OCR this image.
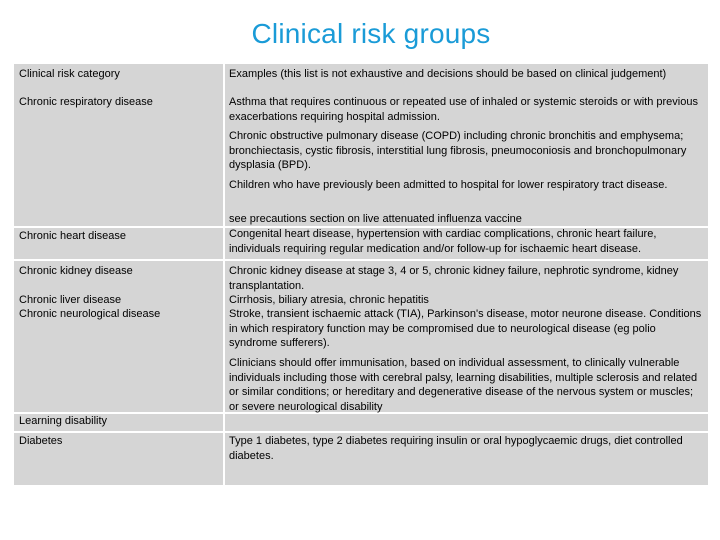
Clinical risk groups
Clinical risk category	Examples (this list is not exhaustive and decisions should be based on clinical judgement)
Chronic respiratory disease	Asthma that requires continuous or repeated use of inhaled or systemic steroids or with previous exacerbations requiring hospital admission.
Chronic obstructive pulmonary disease (COPD) including chronic bronchitis and emphysema; bronchiectasis, cystic fibrosis, interstitial lung fibrosis, pneumoconiosis and bronchopulmonary dysplasia (BPD).
Children who have previously been admitted to hospital for lower respiratory tract disease.
see precautions section on live attenuated influenza vaccine
Chronic heart disease	Congenital heart disease, hypertension with cardiac complications, chronic heart failure, individuals requiring regular medication and/or follow-up for ischaemic heart disease.
Chronic kidney disease	Chronic kidney disease at stage 3, 4 or 5, chronic kidney failure, nephrotic syndrome, kidney transplantation.
Chronic liver disease	Cirrhosis, biliary atresia, chronic hepatitis
Chronic neurological disease	Stroke, transient ischaemic attack (TIA), Parkinson's disease, motor neurone disease. Conditions in which respiratory function may be compromised due to neurological disease (eg polio syndrome sufferers).
Clinicians should offer immunisation, based on individual assessment, to clinically vulnerable individuals including those with cerebral palsy, learning disabilities, multiple sclerosis and related or similar conditions; or hereditary and degenerative disease of the nervous system or muscles; or severe neurological disability
Learning disability
Diabetes	Type 1 diabetes, type 2 diabetes requiring insulin or oral hypoglycaemic drugs, diet controlled diabetes.
